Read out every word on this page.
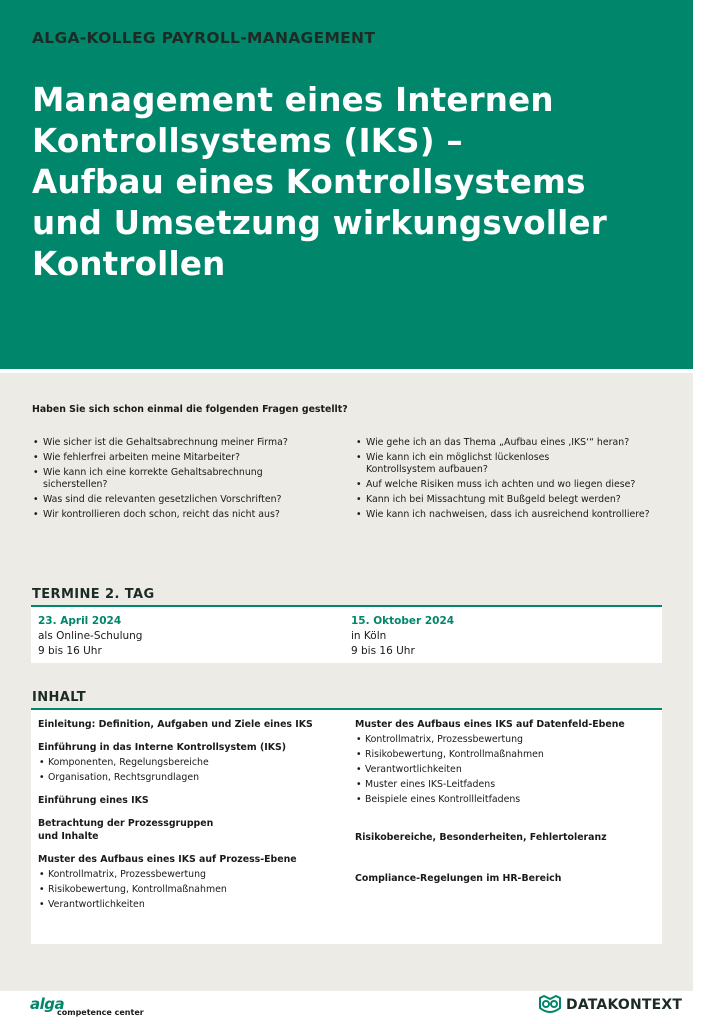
ALGA-KOLLEG PAYROLL-MANAGEMENT

Management eines Internen
Kontrollsystems (IKS) –
Aufbau eines Kontrollsystems
und Umsetzung wirkungsvoller
Kontrollen

Haben Sie sich schon einmal die folgenden Fragen gestellt?

• Wie sicher ist die Gehaltsabrechnung meiner Firma?
• Wie fehlerfrei arbeiten meine Mitarbeiter?
• Wie kann ich eine korrekte Gehaltsabrechnung sicherstellen?
• Was sind die relevanten gesetzlichen Vorschriften?
• Wir kontrollieren doch schon, reicht das nicht aus?
• Wie gehe ich an das Thema „Aufbau eines ‚IKS‘“ heran?
• Wie kann ich ein möglichst lückenloses Kontrollsystem aufbauen?
• Auf welche Risiken muss ich achten und wo liegen diese?
• Kann ich bei Missachtung mit Bußgeld belegt werden?
• Wie kann ich nachweisen, dass ich ausreichend kontrolliere?

TERMINE 2. TAG

23. April 2024
als Online-Schulung
9 bis 16 Uhr
15. Oktober 2024
in Köln
9 bis 16 Uhr

INHALT

Einleitung: Definition, Aufgaben und Ziele eines IKS

Einführung in das Interne Kontrollsystem (IKS)

• Komponenten, Regelungsbereiche
• Organisation, Rechtsgrundlagen

Einführung eines IKS

Betrachtung der Prozessgruppen

und Inhalte

Muster des Aufbaus eines IKS auf Prozess-Ebene

• Kontrollmatrix, Prozessbewertung
• Risikobewertung, Kontrollmaßnahmen
• Verantwortlichkeiten

Muster des Aufbaus eines IKS auf Datenfeld-Ebene

• Kontrollmatrix, Prozessbewertung
• Risikobewertung, Kontrollmaßnahmen
• Verantwortlichkeiten
• Muster eines IKS-Leitfadens
• Beispiele eines Kontrollleitfadens

Risikobereiche, Besonderheiten, Fehlertoleranz

Compliance-Regelungen im HR-Bereich

alga
competence center	DATAKONTEXT
